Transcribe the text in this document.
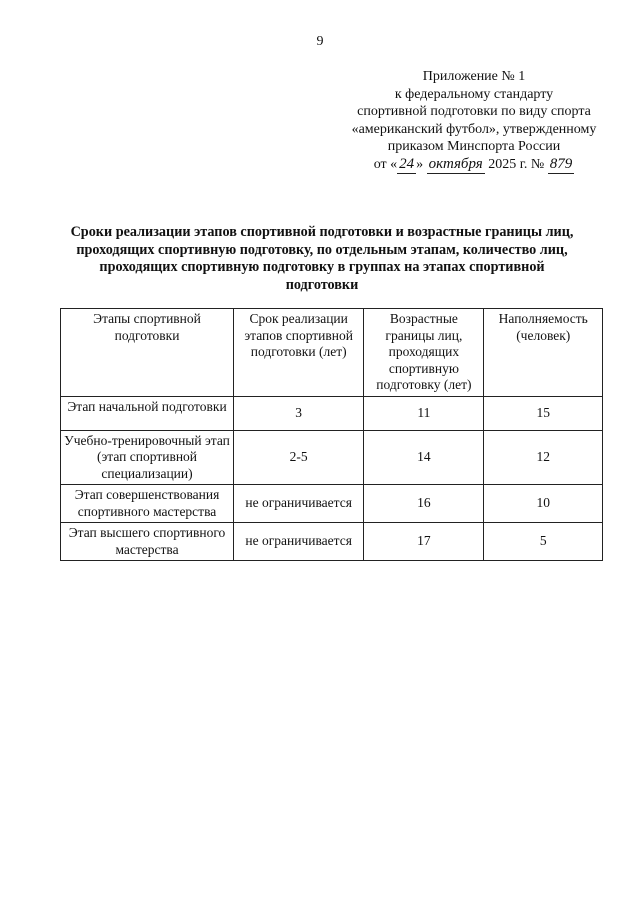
9
Приложение № 1
к федеральному стандарту
спортивной подготовки по виду спорта
«американский футбол», утвержденному
приказом Минспорта России
от « 24 » октября 2025 г. № 879
Сроки реализации этапов спортивной подготовки и возрастные границы лиц,
проходящих спортивную подготовку, по отдельным этапам, количество лиц,
проходящих спортивную подготовку в группах на этапах спортивной
подготовки
Этапы спортивной подготовки	Срок реализации этапов спортивной подготовки (лет)	Возрастные границы лиц, проходящих спортивную подготовку (лет)	Наполняемость (человек)
Этап начальной подготовки	3	11	15
Учебно-тренировочный этап (этап спортивной специализации)	2-5	14	12
Этап совершенствования спортивного мастерства	не ограничивается	16	10
Этап высшего спортивного мастерства	не ограничивается	17	5
